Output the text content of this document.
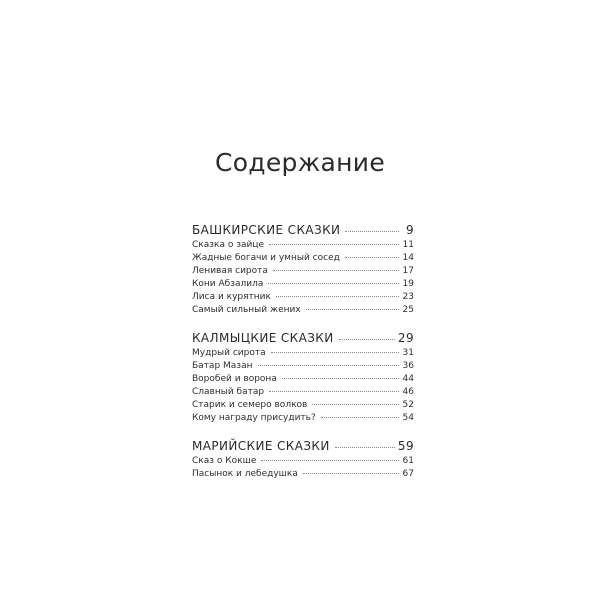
Содержание
БАШКИРСКИЕ СКАЗКИ	9
Сказка о зайце	11
Жадные богачи и умный сосед	14
Ленивая сирота	17
Кони Абзалила	19
Лиса и курятник	23
Самый сильный жених	25
КАЛМЫЦКИЕ СКАЗКИ	29
Мудрый сирота	31
Батар Мазан	36
Воробей и ворона	44
Славный батар	46
Старик и семеро волков	52
Кому награду присудить?	54
МАРИЙСКИЕ СКАЗКИ	59
Сказ о Кокше	61
Пасынок и лебедушка	67
